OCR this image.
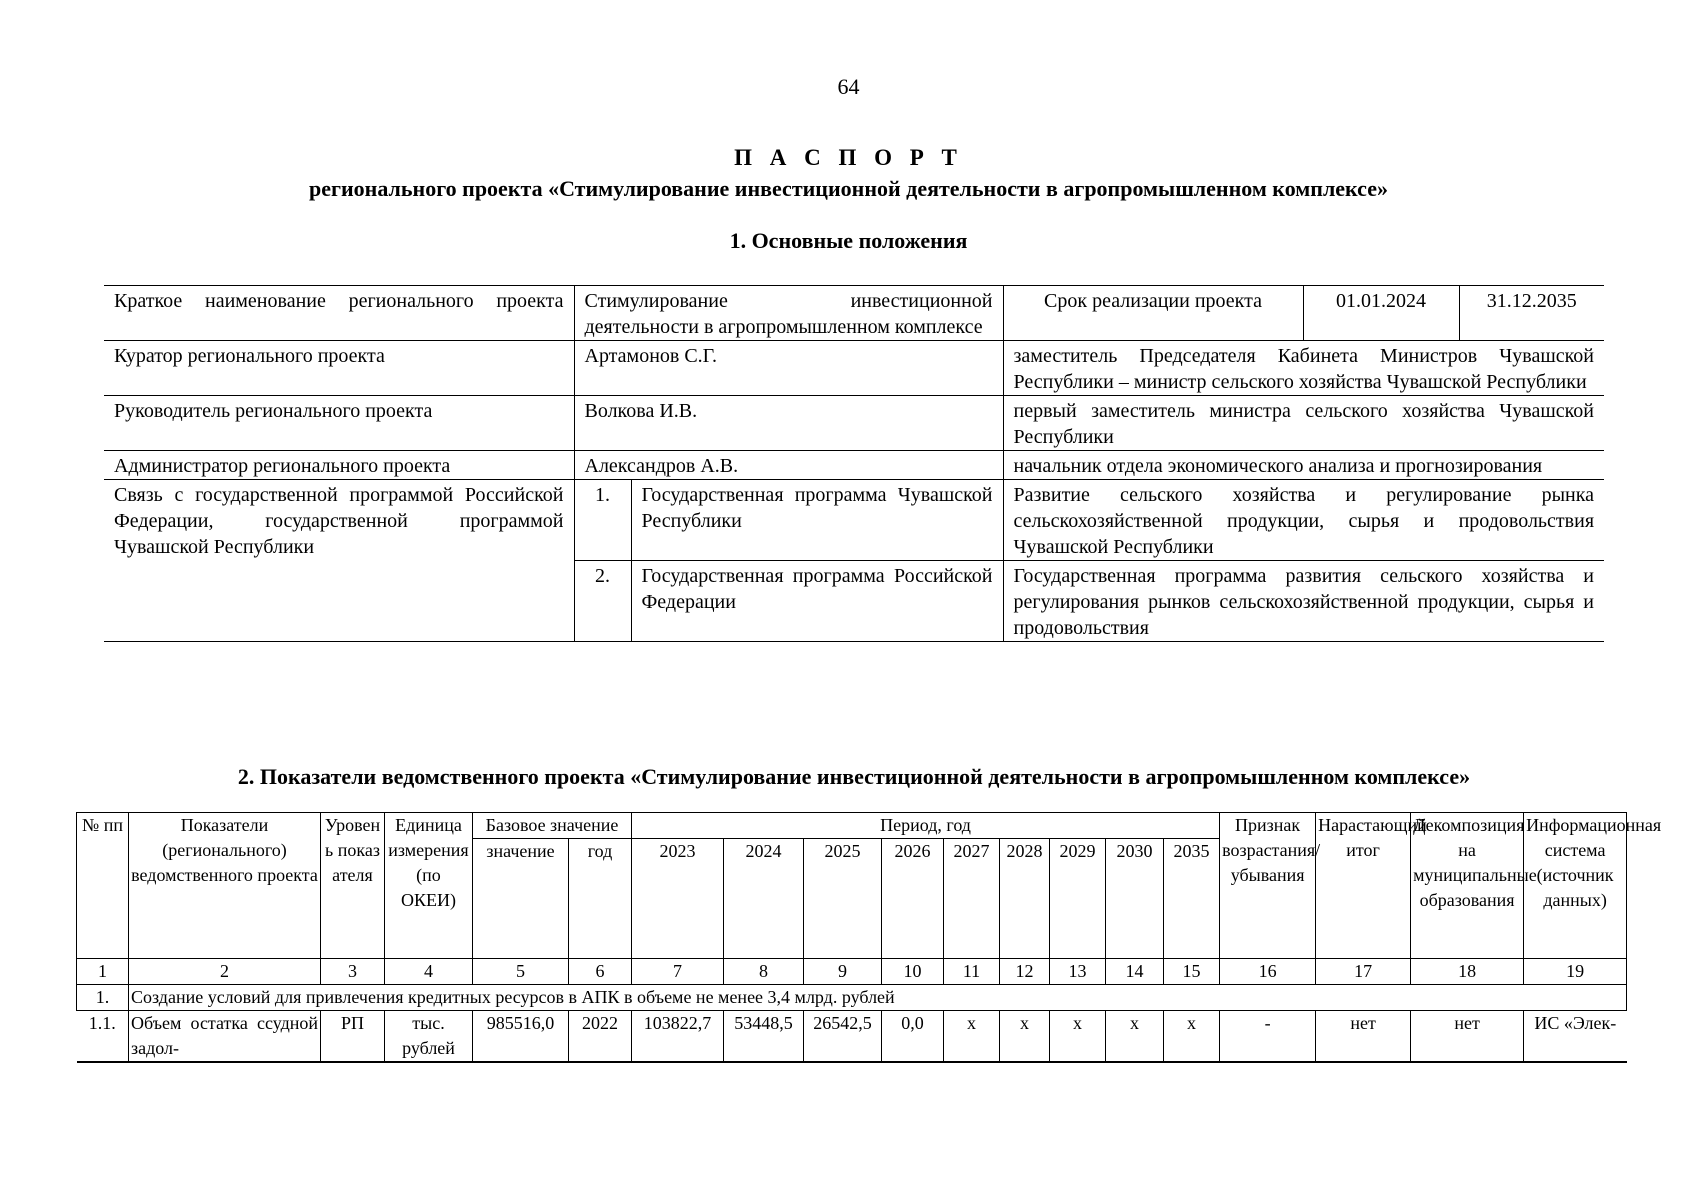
64
П А С П О Р Т
регионального проекта «Стимулирование инвестиционной деятельности в агропромышленном комплексе»
1. Основные положения
Краткое наименование регионального проекта	Стимулирование инвестиционной деятельности в агропромышленном комплексе		Срок реализации проекта	01.01.2024	31.12.2035
Куратор регионального проекта	Артамонов С.Г.		заместитель Председателя Кабинета Министров Чувашской Республики – министр сельского хозяйства Чувашской Республики		
Руководитель регионального проекта	Волкова И.В.		первый заместитель министра сельского хозяйства Чувашской Республики		
Администратор регионального проекта	Александров А.В.		начальник отдела экономического анализа и прогнозирования		
Связь с государственной программой Российской Федерации, государственной программой Чувашской Республики	1.	Государственная программа Чувашской Республики	Развитие сельского хозяйства и регулирование рынка сельскохозяйственной продукции, сырья и продовольствия Чувашской Республики		
	2.	Государственная программа Российской Федерации	Государственная программа развития сельского хозяйства и регулирования рынков сельскохозяйственной продукции, сырья и продовольствия		
2. Показатели ведомственного проекта «Стимулирование инвестиционной деятельности в агропромышленном комплексе»
№ пп	Показатели (регионального) ведомственного проекта	Уровень показателя	Единица измерения (по ОКЕИ)	Базовое значение		Период, год									Признак возрастания/ убывания	Нарастающий итог	Декомпозиция на муниципальные образования	Информационная система (источник данных)
				значение	год	2023	2024	2025	2026	2027	2028	2029	2030	2035				
1	2	3	4	5	6	7	8	9	10	11	12	13	14	15	16	17	18	19
1.	Создание условий для привлечения кредитных ресурсов в АПК в объеме не менее 3,4 млрд. рублей																	
1.1.	Объем остатка ссудной задол-	РП	тыс. рублей	985516,0	2022	103822,7	53448,5	26542,5	0,0	x	x	x	x	x	-	нет	нет	ИС «Элек-
